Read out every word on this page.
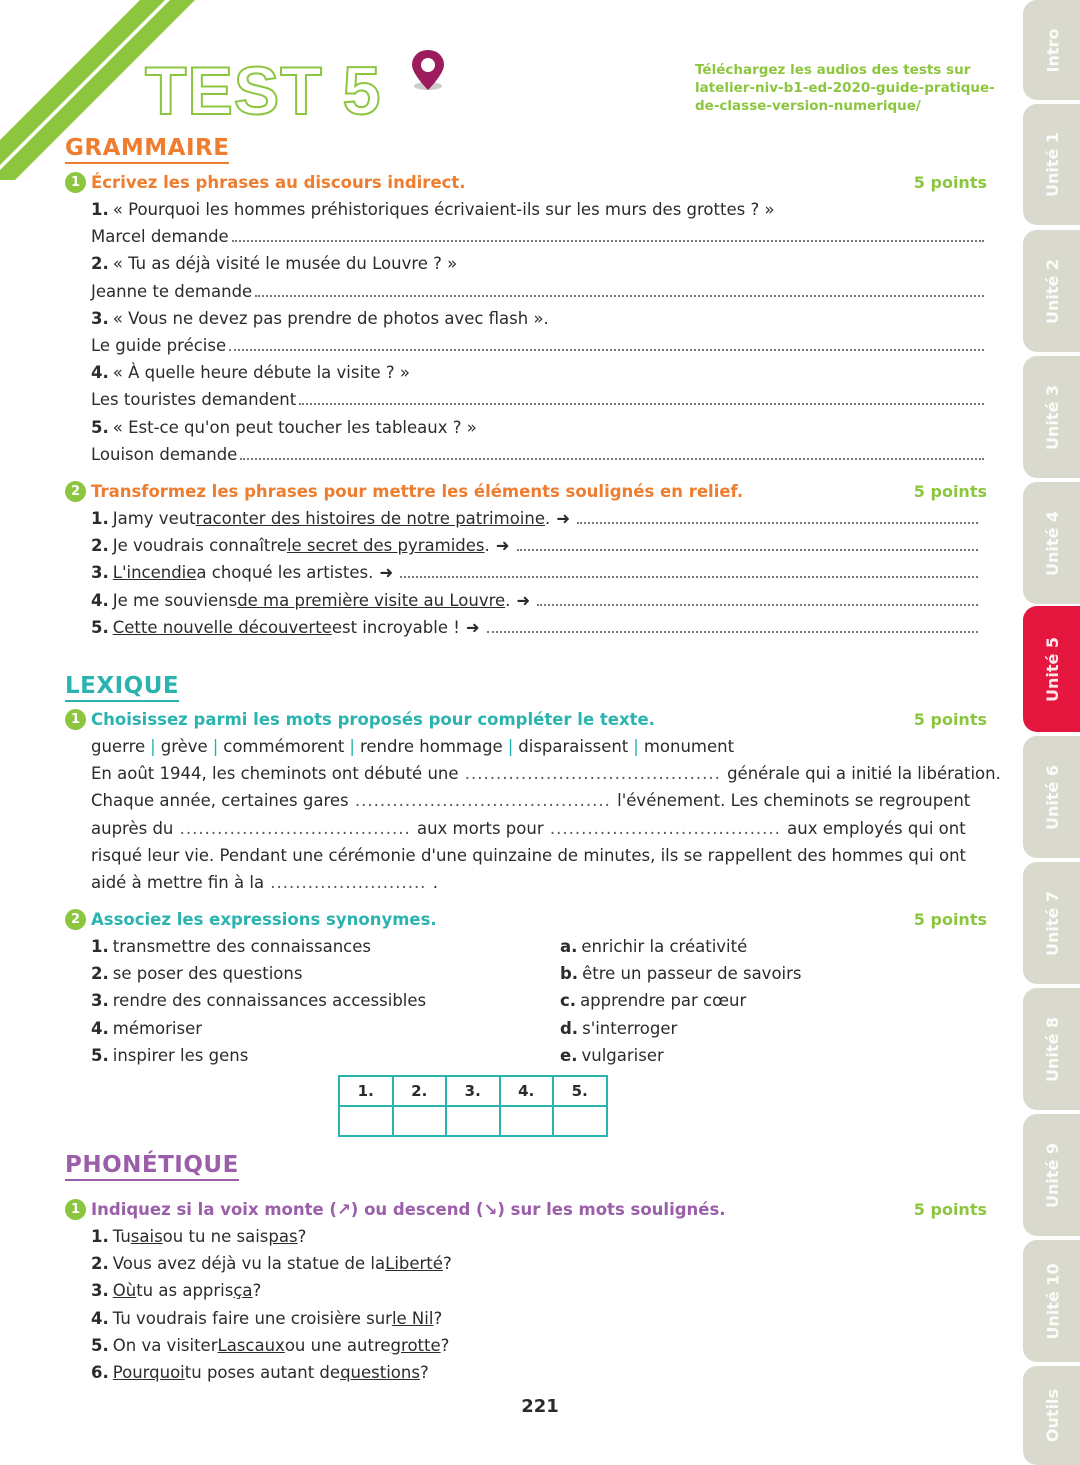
TEST 5	Téléchargez les audios des tests sur latelier-niv-b1-ed-2020-guide-pratique-de-classe-version-numerique/
GRAMMAIRE
1 Écrivez les phrases au discours indirect.	5 points
1. « Pourquoi les hommes préhistoriques écrivaient-ils sur les murs des grottes ? »
Marcel demande
2. « Tu as déjà visité le musée du Louvre ? »
Jeanne te demande
3. « Vous ne devez pas prendre de photos avec flash ».
Le guide précise
4. « À quelle heure débute la visite ? »
Les touristes demandent
5. « Est-ce qu'on peut toucher les tableaux ? »
Louison demande
2 Transformez les phrases pour mettre les éléments soulignés en relief.	5 points
1. Jamy veut raconter des histoires de notre patrimoine . ➜
2. Je voudrais connaître le secret des pyramides . ➜
3. L'incendie a choqué les artistes. ➜
4. Je me souviens de ma première visite au Louvre . ➜
5. Cette nouvelle découverte est incroyable ! ➜
LEXIQUE
1 Choisissez parmi les mots proposés pour compléter le texte.	5 points
guerre | grève | commémorent | rendre hommage | disparaissent | monument
En août 1944, les cheminots ont débuté une ......................................... générale qui a initié la libération.
Chaque année, certaines gares ......................................... l'événement. Les cheminots se regroupent
auprès du ..................................... aux morts pour ..................................... aux employés qui ont
risqué leur vie. Pendant une cérémonie d'une quinzaine de minutes, ils se rappellent des hommes qui ont
aidé à mettre fin à la ......................... .
2 Associez les expressions synonymes.	5 points
1. transmettre des connaissances
2. se poser des questions
3. rendre des connaissances accessibles
4. mémoriser
5. inspirer les gens
a. enrichir la créativité
b. être un passeur de savoirs
c. apprendre par cœur
d. s'interroger
e. vulgariser
1.	2.	3.	4.	5.

PHONÉTIQUE
1 Indiquez si la voix monte (↗) ou descend (↘) sur les mots soulignés.	5 points
1. Tu sais ou tu ne sais pas ?
2. Vous avez déjà vu la statue de la Liberté ?
3. Où tu as appris ça ?
4. Tu voudrais faire une croisière sur le Nil ?
5. On va visiter Lascaux ou une autre grotte ?
6. Pourquoi tu poses autant de questions ?
221
Intro
Unité 1
Unité 2
Unité 3
Unité 4
Unité 5
Unité 6
Unité 7
Unité 8
Unité 9
Unité 10
Outils
